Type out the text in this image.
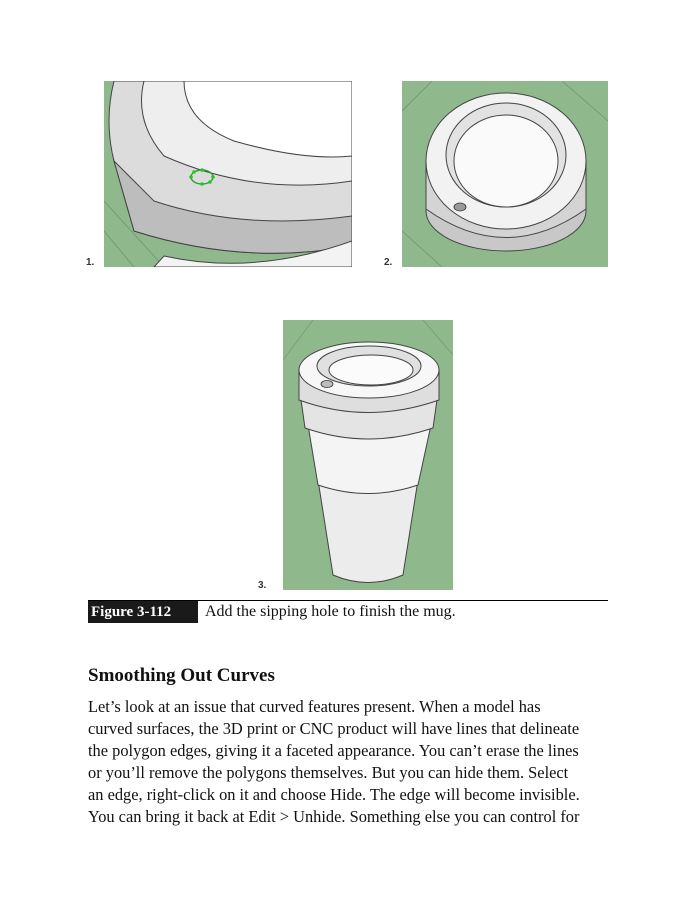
1.	2.
3.
Figure 3-112	Add the sipping hole to finish the mug.
Smoothing Out Curves
Let’s look at an issue that curved features present. When a model has
curved surfaces, the 3D print or CNC product will have lines that delineate
the polygon edges, giving it a faceted appearance. You can’t erase the lines
or you’ll remove the polygons themselves. But you can hide them. Select
an edge, right-click on it and choose Hide. The edge will become invisible.
You can bring it back at Edit > Unhide. Something else you can control for
